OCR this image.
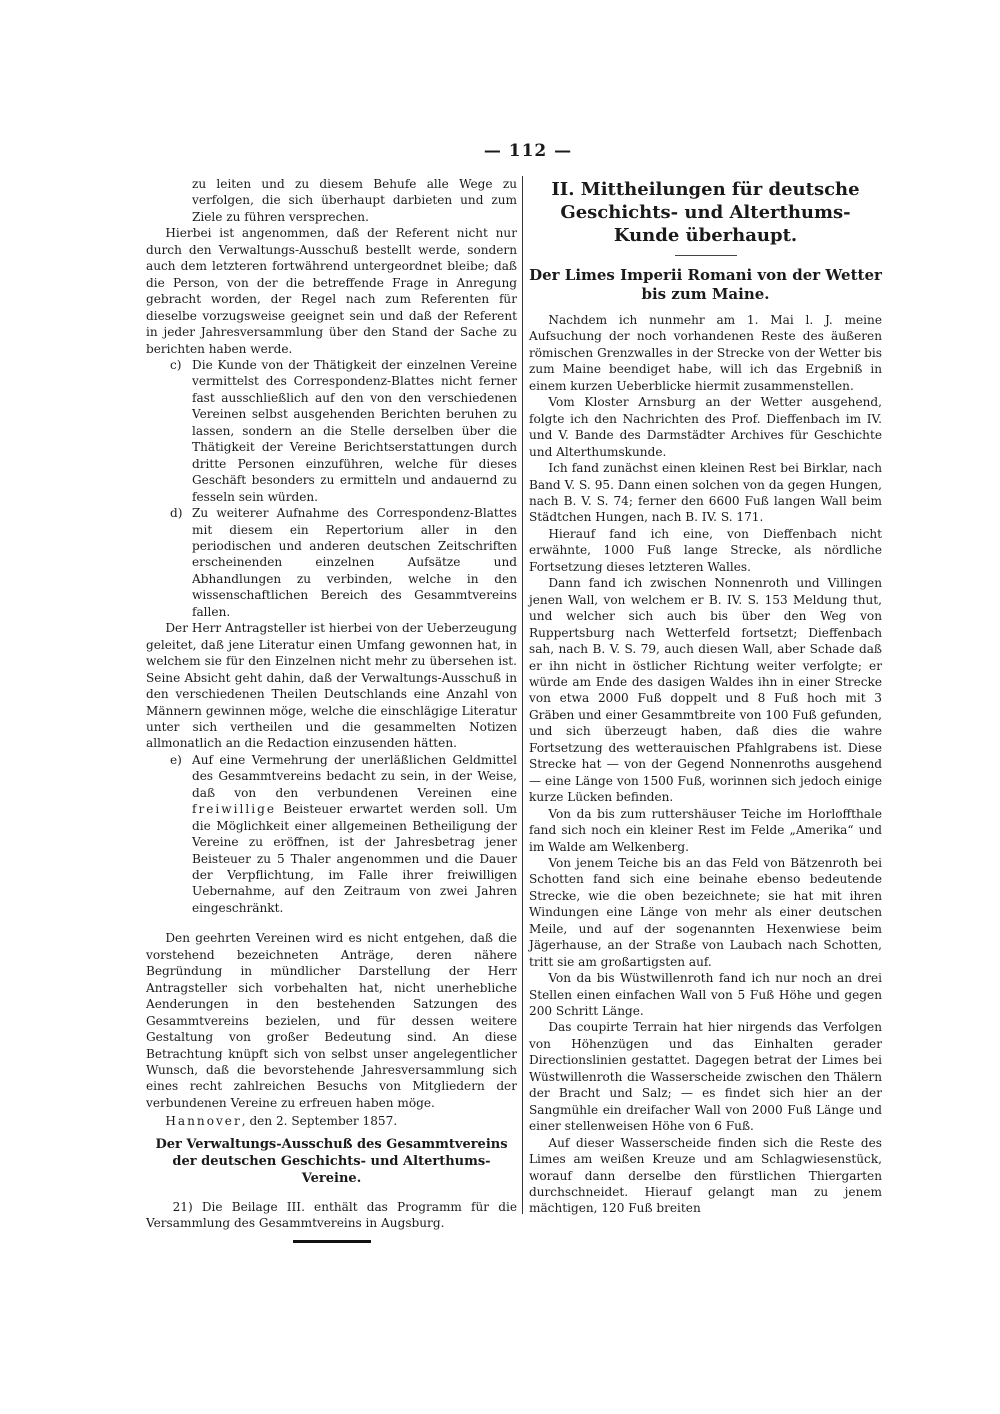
— 112 —

zu leiten und zu diesem Behufe alle Wege zu verfolgen, die sich überhaupt darbieten und zum Ziele zu führen versprechen.

Hierbei ist angenommen, daß der Referent nicht nur durch den Verwaltungs-Ausschuß bestellt werde, sondern auch dem letzteren fortwährend untergeordnet bleibe; daß die Person, von der die betreffende Frage in Anregung gebracht worden, der Regel nach zum Referenten für dieselbe vorzugsweise geeignet sein und daß der Referent in jeder Jahresversammlung über den Stand der Sache zu berichten haben werde.

c) Die Kunde von der Thätigkeit der einzelnen Vereine vermittelst des Correspondenz-Blattes nicht ferner fast ausschließlich auf den von den verschiedenen Vereinen selbst ausgehenden Berichten beruhen zu lassen, sondern an die Stelle derselben über die Thätigkeit der Vereine Berichtserstattungen durch dritte Personen einzuführen, welche für dieses Geschäft besonders zu ermitteln und andauernd zu fesseln sein würden.
d) Zu weiterer Aufnahme des Correspondenz-Blattes mit diesem ein Repertorium aller in den periodischen und anderen deutschen Zeitschriften erscheinenden einzelnen Aufsätze und Abhandlungen zu verbinden, welche in den wissenschaftlichen Bereich des Gesammtvereins fallen.

Der Herr Antragsteller ist hierbei von der Ueberzeugung geleitet, daß jene Literatur einen Umfang gewonnen hat, in welchem sie für den Einzelnen nicht mehr zu übersehen ist. Seine Absicht geht dahin, daß der Verwaltungs-Ausschuß in den verschiedenen Theilen Deutschlands eine Anzahl von Männern gewinnen möge, welche die einschlägige Literatur unter sich vertheilen und die gesammelten Notizen allmonatlich an die Redaction einzusenden hätten.

e) Auf eine Vermehrung der unerläßlichen Geldmittel des Gesammtvereins bedacht zu sein, in der Weise, daß von den verbundenen Vereinen eine freiwillige Beisteuer erwartet werden soll. Um die Möglichkeit einer allgemeinen Betheiligung der Vereine zu eröffnen, ist der Jahresbetrag jener Beisteuer zu 5 Thaler angenommen und die Dauer der Verpflichtung, im Falle ihrer freiwilligen Uebernahme, auf den Zeitraum von zwei Jahren eingeschränkt.

Den geehrten Vereinen wird es nicht entgehen, daß die vorstehend bezeichneten Anträge, deren nähere Begründung in mündlicher Darstellung der Herr Antragsteller sich vorbehalten hat, nicht unerhebliche Aenderungen in den bestehenden Satzungen des Gesammtvereins bezielen, und für dessen weitere Gestaltung von großer Bedeutung sind. An diese Betrachtung knüpft sich von selbst unser angelegentlicher Wunsch, daß die bevorstehende Jahresversammlung sich eines recht zahlreichen Besuchs von Mitgliedern der verbundenen Vereine zu erfreuen haben möge.

Hannover, den 2. September 1857.

Der Verwaltungs-Ausschuß des Gesammtvereins der deutschen Geschichts- und Alterthums-Vereine.

21) Die Beilage III. enthält das Programm für die Versammlung des Gesammtvereins in Augsburg.

II. Mittheilungen für deutsche Geschichts- und Alterthums-Kunde überhaupt.

Der Limes Imperii Romani von der Wetter bis zum Maine.

Nachdem ich nunmehr am 1. Mai l. J. meine Aufsuchung der noch vorhandenen Reste des äußeren römischen Grenzwalles in der Strecke von der Wetter bis zum Maine beendiget habe, will ich das Ergebniß in einem kurzen Ueberblicke hiermit zusammenstellen.

Vom Kloster Arnsburg an der Wetter ausgehend, folgte ich den Nachrichten des Prof. Dieffenbach im IV. und V. Bande des Darmstädter Archives für Geschichte und Alterthumskunde.

Ich fand zunächst einen kleinen Rest bei Birklar, nach Band V. S. 95. Dann einen solchen von da gegen Hungen, nach B. V. S. 74; ferner den 6600 Fuß langen Wall beim Städtchen Hungen, nach B. IV. S. 171.

Hierauf fand ich eine, von Dieffenbach nicht erwähnte, 1000 Fuß lange Strecke, als nördliche Fortsetzung dieses letzteren Walles.

Dann fand ich zwischen Nonnenroth und Villingen jenen Wall, von welchem er B. IV. S. 153 Meldung thut, und welcher sich auch bis über den Weg von Ruppertsburg nach Wetterfeld fortsetzt; Dieffenbach sah, nach B. V. S. 79, auch diesen Wall, aber Schade daß er ihn nicht in östlicher Richtung weiter verfolgte; er würde am Ende des dasigen Waldes ihn in einer Strecke von etwa 2000 Fuß doppelt und 8 Fuß hoch mit 3 Gräben und einer Gesammtbreite von 100 Fuß gefunden, und sich überzeugt haben, daß dies die wahre Fortsetzung des wetterauischen Pfahlgrabens ist. Diese Strecke hat — von der Gegend Nonnenroths ausgehend — eine Länge von 1500 Fuß, worinnen sich jedoch einige kurze Lücken befinden.

Von da bis zum ruttershäuser Teiche im Horloffthale fand sich noch ein kleiner Rest im Felde „Amerika“ und im Walde am Welkenberg.

Von jenem Teiche bis an das Feld von Bätzenroth bei Schotten fand sich eine beinahe ebenso bedeutende Strecke, wie die oben bezeichnete; sie hat mit ihren Windungen eine Länge von mehr als einer deutschen Meile, und auf der sogenannten Hexenwiese beim Jägerhause, an der Straße von Laubach nach Schotten, tritt sie am großartigsten auf.

Von da bis Wüstwillenroth fand ich nur noch an drei Stellen einen einfachen Wall von 5 Fuß Höhe und gegen 200 Schritt Länge.

Das coupirte Terrain hat hier nirgends das Verfolgen von Höhenzügen und das Einhalten gerader Directionslinien gestattet. Dagegen betrat der Limes bei Wüstwillenroth die Wasserscheide zwischen den Thälern der Bracht und Salz; — es findet sich hier an der Sangmühle ein dreifacher Wall von 2000 Fuß Länge und einer stellenweisen Höhe von 6 Fuß.

Auf dieser Wasserscheide finden sich die Reste des Limes am weißen Kreuze und am Schlagwiesenstück, worauf dann derselbe den fürstlichen Thiergarten durchschneidet. Hierauf gelangt man zu jenem mächtigen, 120 Fuß breiten
